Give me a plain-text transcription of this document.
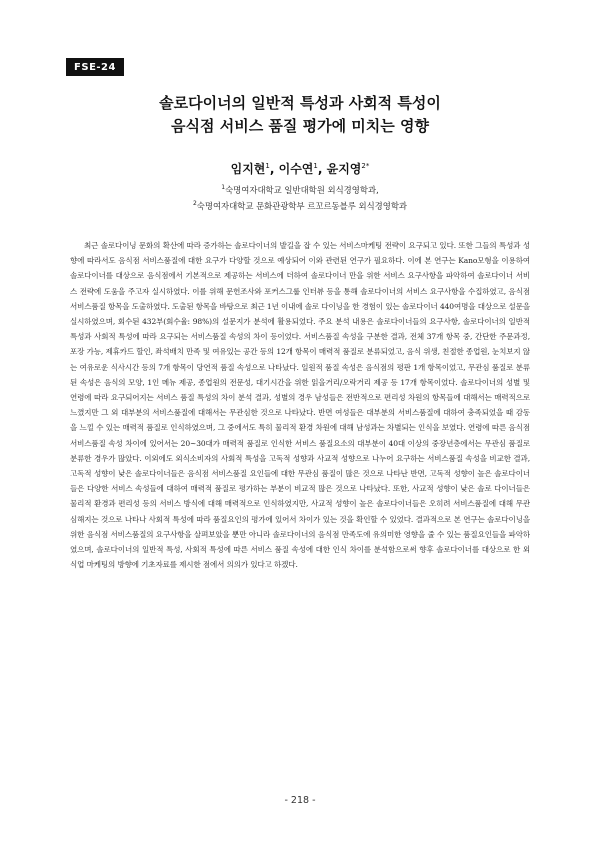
FSE-24
솔로다이너의 일반적 특성과 사회적 특성이
음식점 서비스 품질 평가에 미치는 영향
임지현$^1$, 이수연$^1$, 윤지영$^{2*}$
$^1$숙명여자대학교 일반대학원 외식경영학과,
$^2$숙명여자대학교 문화관광학부 르꼬르동블루 외식경영학과
최근 솔로다이닝 문화의 확산에 따라 증가하는 솔로다이너의 발길을 잡 수 있는 서비스마케팅 전략이 요구되고 있다. 또한 그들의 특성과 성향에 따라서도 음식점 서비스품질에 대한 요구가 다양할 것으로 예상되어 이와 관련된 연구가 필요하다. 이에 본 연구는 Kano모형을 이용하여 솔로다이너를 대상으로 음식점에서 기본적으로 제공하는 서비스에 더하여 솔로다이너 만을 위한 서비스 요구사항을 파악하여 솔로다이너 서비스 전략에 도움을 주고자 실시하였다. 이를 위해 문헌조사와 포커스그룹 인터뷰 등을 통해 솔로다이너의 서비스 요구사항을 수집하였고, 음식점 서비스품질 항목을 도출하였다. 도출된 항목을 바탕으로 최근 1년 이내에 솔로 다이닝을 한 경험이 있는 솔로다이너 440여명을 대상으로 설문을 실시하였으며, 회수된 432부(회수율: 98%)의 설문지가 분석에 활용되었다. 주요 분석 내용은 솔로다이너들의 요구사항, 솔로다이너의 일반적 특성과 사회적 특성에 따라 요구되는 서비스품질 속성의 차이 등이었다. 서비스품질 속성을 구분한 결과, 전체 37개 항목 중, 간단한 주문과정, 포장 가능, 제휴카드 할인, 좌석배치 만족 및 여유있는 공간 등의 12개 항목이 매력적 품질로 분류되었고, 음식 위생, 친절한 종업원, 눈치보지 않는 여유로운 식사시간 등의 7개 항목이 당연적 품질 속성으로 나타났다. 일원적 품질 속성은 음식점의 평판 1개 항목이었고, 무관심 품질로 분류된 속성은 음식의 모양, 1인 메뉴 제공, 종업원의 전문성, 대기시간을 위한 읽을거리/오락거리 제공 등 17개 항목이었다. 솔로다이너의 성별 및 연령에 따라 요구되어지는 서비스 품질 특성의 차이 분석 결과, 성별의 경우 남성들은 전반적으로 편리성 차원의 항목들에 대해서는 매력적으로 느꼈지만 그 외 대부분의 서비스품질에 대해서는 무관심한 것으로 나타났다. 반면 여성들은 대부분의 서비스품질에 대하여 충족되었을 때 감동을 느낄 수 있는 매력적 품질로 인식하였으며, 그 중에서도 특히 물리적 환경 차원에 대해 남성과는 차별되는 인식을 보였다. 연령에 따른 음식점 서비스품질 속성 차이에 있어서는 20~30대가 매력적 품질로 인식한 서비스 품질요소의 대부분이 40대 이상의 중장년층에서는 무관심 품질로 분류한 경우가 많았다. 이외에도 외식소비자의 사회적 특성을 고독적 성향과 사교적 성향으로 나누어 요구하는 서비스품질 속성을 비교한 결과, 고독적 성향이 낮은 솔로다이너들은 음식점 서비스품질 요인들에 대한 무관심 품질이 많은 것으로 나타난 반면, 고독적 성향이 높은 솔로다이너들은 다양한 서비스 속성들에 대하여 매력적 품질로 평가하는 부분이 비교적 많은 것으로 나타났다. 또한, 사교적 성향이 낮은 솔로 다이너들은 물리적 환경과 편리성 등의 서비스 방식에 대해 매력적으로 인식하였지만, 사교적 성향이 높은 솔로다이너들은 오히려 서비스품질에 대해 무관심해지는 것으로 나타나 사회적 특성에 따라 품질요인의 평가에 있어서 차이가 있는 것을 확인할 수 있었다. 결과적으로 본 연구는 솔로다이닝을 위한 음식점 서비스품질의 요구사항을 살펴보았을 뿐만 아니라 솔로다이너의 음식점 만족도에 유의미한 영향을 줄 수 있는 품질요인들을 파악하였으며, 솔로다이너의 일반적 특성, 사회적 특성에 따른 서비스 품질 속성에 대한 인식 차이를 분석함으로써 향후 솔로다이너를 대상으로 한 외식업 마케팅의 방향에 기초자료를 제시한 점에서 의의가 있다고 하겠다.
- 218 -
